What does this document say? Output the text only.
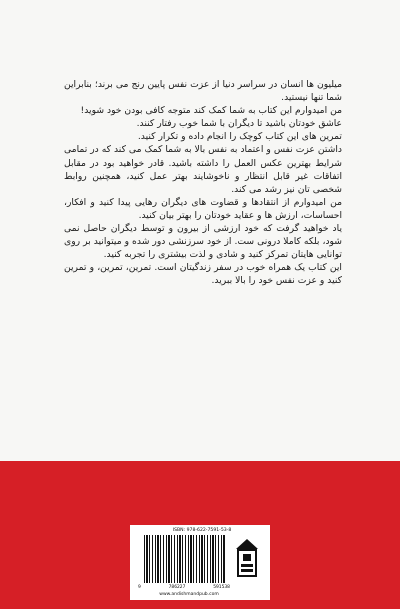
میلیون ها انسان در سراسر دنیا از عزت نفس پایین رنج می برند؛ بنابراین شما تنها نیستید.

من امیدوارم این کتاب به شما کمک کند متوجه کافی بودن خود شوید!

عاشق خودتان باشید تا دیگران با شما خوب رفتار کنند.

تمرین های این کتاب کوچک را انجام داده و تکرار کنید.

داشتن عزت نفس و اعتماد به نفس بالا به شما کمک می کند که در تمامی شرایط بهترین عکس العمل را داشته باشید. قادر خواهید بود در مقابل اتفاقات غیر قابل انتظار و ناخوشایند بهتر عمل کنید، همچنین روابط شخصی تان نیز رشد می کند.

من امیدوارم از انتقادها و قضاوت های دیگران رهایی پیدا کنید و افکار، احساسات، ارزش ها و عقاید خودتان را بهتر بیان کنید.

یاد خواهید گرفت که خود ارزشی از بیرون و توسط دیگران حاصل نمی شود، بلکه کاملا درونی ست. از خود سرزنشی دور شده و میتوانید بر روی توانایی هایتان تمرکز کنید و شادی و لذت بیشتری را تجربه کنید.

این کتاب یک همراه خوب در سفر زندگیتان است. تمرین، تمرین، و تمرین کنید و عزت نفس خود را بالا ببرید.

ISBN: 978-622-7591-53-8
9	786227	591538
www.andishmandpub.com
